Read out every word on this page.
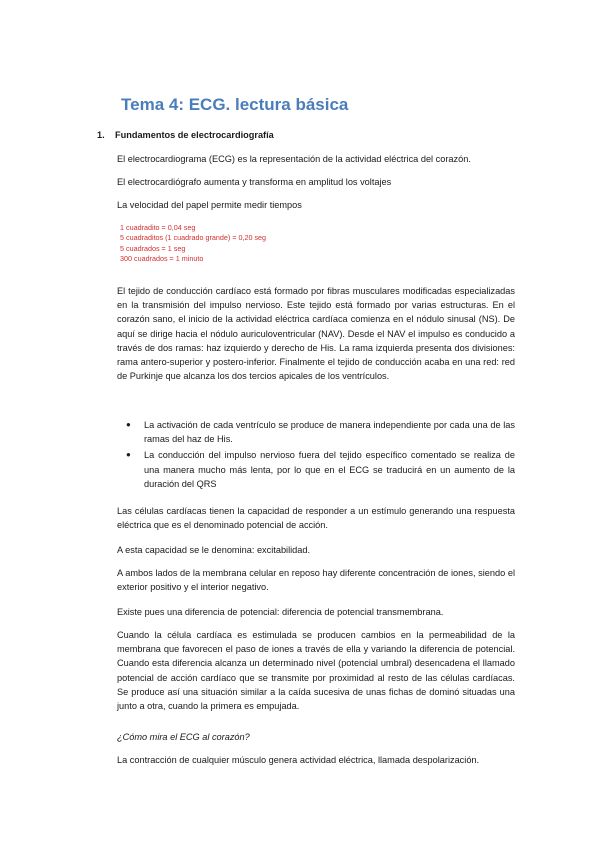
Tema 4: ECG. lectura básica
1. Fundamentos de electrocardiografía

El electrocardiograma (ECG) es la representación de la actividad eléctrica del corazón.

El electrocardiógrafo aumenta y transforma en amplitud los voltajes

La velocidad del papel permite medir tiempos

1 cuadradito = 0,04 seg
5 cuadraditos (1 cuadrado grande) = 0,20 seg
5 cuadrados = 1 seg
300 cuadrados = 1 minuto

El tejido de conducción cardíaco está formado por fibras musculares modificadas especializadas en la transmisión del impulso nervioso. Este tejido está formado por varias estructuras. En el corazón sano, el inicio de la actividad eléctrica cardíaca comienza en el nódulo sinusal (NS). De aquí se dirige hacia el nódulo auriculoventricular (NAV). Desde el NAV el impulso es conducido a través de dos ramas: haz izquierdo y derecho de His. La rama izquierda presenta dos divisiones: rama antero-superior y postero-inferior. Finalmente el tejido de conducción acaba en una red: red de Purkinje que alcanza los dos tercios apicales de los ventrículos.

● La activación de cada ventrículo se produce de manera independiente por cada una de las ramas del haz de His.
● La conducción del impulso nervioso fuera del tejido específico comentado se realiza de una manera mucho más lenta, por lo que en el ECG se traducirá en un aumento de la duración del QRS

Las células cardíacas tienen la capacidad de responder a un estímulo generando una respuesta eléctrica que es el denominado potencial de acción.

A esta capacidad se le denomina: excitabilidad.

A ambos lados de la membrana celular en reposo hay diferente concentración de iones, siendo el exterior positivo y el interior negativo.

Existe pues una diferencia de potencial: diferencia de potencial transmembrana.

Cuando la célula cardíaca es estimulada se producen cambios en la permeabilidad de la membrana que favorecen el paso de iones a través de ella y variando la diferencia de potencial. Cuando esta diferencia alcanza un determinado nivel (potencial umbral) desencadena el llamado potencial de acción cardíaco que se transmite por proximidad al resto de las células cardíacas. Se produce así una situación similar a la caída sucesiva de unas fichas de dominó situadas una junto a otra, cuando la primera es empujada.

¿Cómo mira el ECG al corazón?

La contracción de cualquier músculo genera actividad eléctrica, llamada despolarización.
